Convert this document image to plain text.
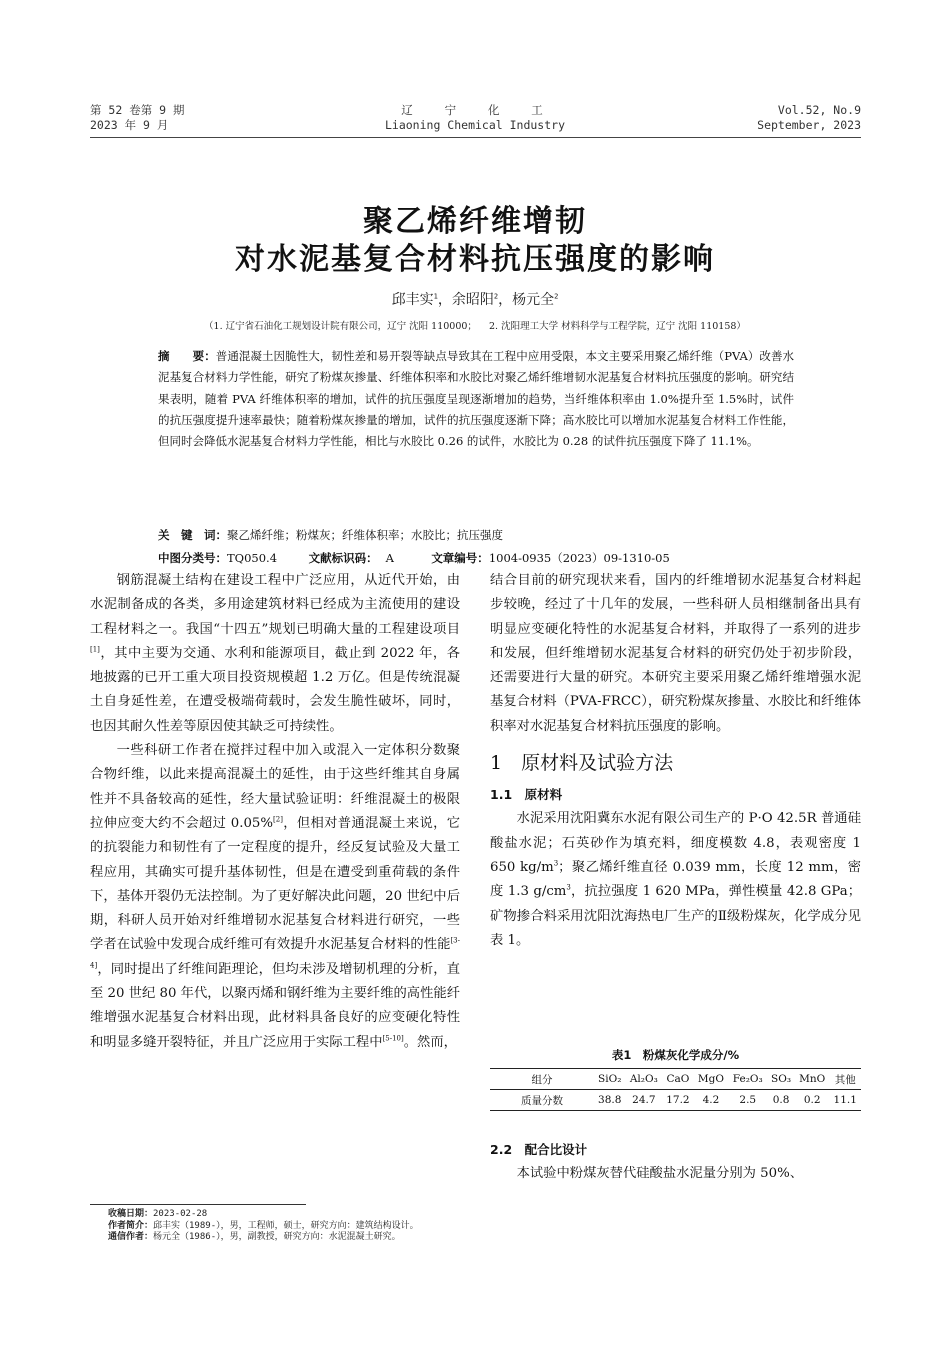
第 52 卷第 9 期
2023 年 9 月
辽  宁  化  工
Liaoning Chemical Industry
Vol.52, No.9
September, 2023
聚乙烯纤维增韧
对水泥基复合材料抗压强度的影响
邱丰实$^1$，余昭阳$^2$，杨元全$^2$
（1. 辽宁省石油化工规划设计院有限公司，辽宁 沈阳 110000；    2. 沈阳理工大学 材料科学与工程学院，辽宁 沈阳 110158）
摘　　要：普通混凝土因脆性大，韧性差和易开裂等缺点导致其在工程中应用受限，本文主要采用聚乙烯纤维（PVA）改善水泥基复合材料力学性能，研究了粉煤灰掺量、纤维体积率和水胶比对聚乙烯纤维增韧水泥基复合材料抗压强度的影响。研究结果表明，随着 PVA 纤维体积率的增加，试件的抗压强度呈现逐渐增加的趋势，当纤维体积率由 1.0%提升至 1.5%时，试件的抗压强度提升速率最快；随着粉煤灰掺量的增加，试件的抗压强度逐渐下降；高水胶比可以增加水泥基复合材料工作性能，但同时会降低水泥基复合材料力学性能，相比与水胶比 0.26 的试件，水胶比为 0.28 的试件抗压强度下降了 11.1%。
关　键　词：聚乙烯纤维；粉煤灰；纤维体积率；水胶比；抗压强度
中图分类号：TQ050.4	文献标识码： A	文章编号：1004-0935（2023）09-1310-05

钢筋混凝土结构在建设工程中广泛应用，从近代开始，由水泥制备成的各类，多用途建筑材料已经成为主流使用的建设工程材料之一。我国“十四五”规划已明确大量的工程建设项目[1]，其中主要为交通、水利和能源项目，截止到 2022 年，各地披露的已开工重大项目投资规模超 1.2 万亿。但是传统混凝土自身延性差，在遭受极端荷载时，会发生脆性破坏，同时，也因其耐久性差等原因使其缺乏可持续性。

一些科研工作者在搅拌过程中加入或混入一定体积分数聚合物纤维，以此来提高混凝土的延性，由于这些纤维其自身属性并不具备较高的延性，经大量试验证明：纤维混凝土的极限拉伸应变大约不会超过 0.05%[2]，但相对普通混凝土来说，它的抗裂能力和韧性有了一定程度的提升，经反复试验及大量工程应用，其确实可提升基体韧性，但是在遭受到重荷载的条件下，基体开裂仍无法控制。为了更好解决此问题，20 世纪中后期，科研人员开始对纤维增韧水泥基复合材料进行研究，一些学者在试验中发现合成纤维可有效提升水泥基复合材料的性能[3-4]，同时提出了纤维间距理论，但均未涉及增韧机理的分析，直至 20 世纪 80 年代，以聚丙烯和钢纤维为主要纤维的高性能纤维增强水泥基复合材料出现，此材料具备良好的应变硬化特性和明显多缝开裂特征，并且广泛应用于实际工程中[5-10]。然而，

结合目前的研究现状来看，国内的纤维增韧水泥基复合材料起步较晚，经过了十几年的发展，一些科研人员相继制备出具有明显应变硬化特性的水泥基复合材料，并取得了一系列的进步和发展，但纤维增韧水泥基复合材料的研究仍处于初步阶段，还需要进行大量的研究。本研究主要采用聚乙烯纤维增强水泥基复合材料（PVA-FRCC），研究粉煤灰掺量、水胶比和纤维体积率对水泥基复合材料抗压强度的影响。

1　原材料及试验方法
1.1　原材料

水泥采用沈阳冀东水泥有限公司生产的 P·O 42.5R 普通硅酸盐水泥；石英砂作为填充料，细度模数 4.8，表观密度 1 650 $kg/m^3$；聚乙烯纤维直径 0.039 mm，长度 12 mm，密度 1.3 $g/cm^3$，抗拉强度 1 620 MPa，弹性模量 42.8 GPa；矿物掺合料采用沈阳沈海热电厂生产的Ⅱ级粉煤灰，化学成分见表 1。

表1　粉煤灰化学成分/%
组分	SiO₂	Al₂O₃	CaO	MgO	Fe₂O₃	SO₃	MnO	其他
质量分数	38.8	24.7	17.2	4.2	2.5	0.8	0.2	11.1
2.2　配合比设计

本试验中粉煤灰替代硅酸盐水泥量分别为 50%、

收稿日期：2023-02-28
作者简介：邱丰实（1989-），男，工程师，硕士，研究方向：建筑结构设计。
通信作者：杨元全（1986-），男，副教授，研究方向：水泥混凝土研究。
